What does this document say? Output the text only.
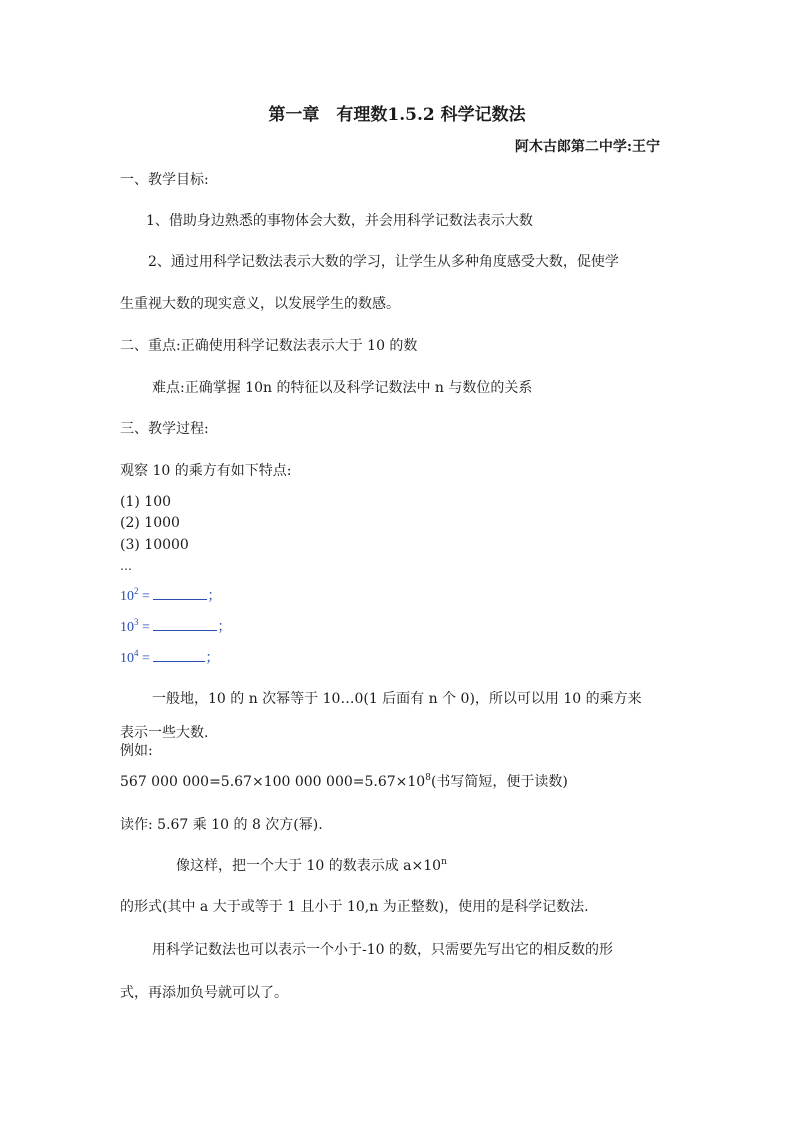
第一章　有理数1.5.2 科学记数法
阿木古郎第二中学:王宁
一、教学目标:
1、借助身边熟悉的事物体会大数，并会用科学记数法表示大数
2、通过用科学记数法表示大数的学习，让学生从多种角度感受大数，促使学
生重视大数的现实意义，以发展学生的数感。
二、重点:正确使用科学记数法表示大于 10 的数
难点:正确掌握 10n 的特征以及科学记数法中 n 与数位的关系
三、教学过程:
观察 10 的乘方有如下特点:
(1) 100
(2) 1000
(3) 10000
…
$10^2$ =	；
$10^3$ =	；
$10^4$ =	；
一般地，10 的 n 次幂等于 10…0(1 后面有 n 个 0)，所以可以用 10 的乘方来
表示一些大数.
例如:
567 000 000=5.67×100 000 $000=5.67\times 10^8$(书写简短，便于读数)
读作: 5.67 乘 10 的 8 次方(幂).
像这样，把一个大于 10 的数表示成 $a\times 10^n$
的形式(其中 a 大于或等于 1 且小于 10,n 为正整数)，使用的是科学记数法.
用科学记数法也可以表示一个小于-10 的数，只需要先写出它的相反数的形
式，再添加负号就可以了。
